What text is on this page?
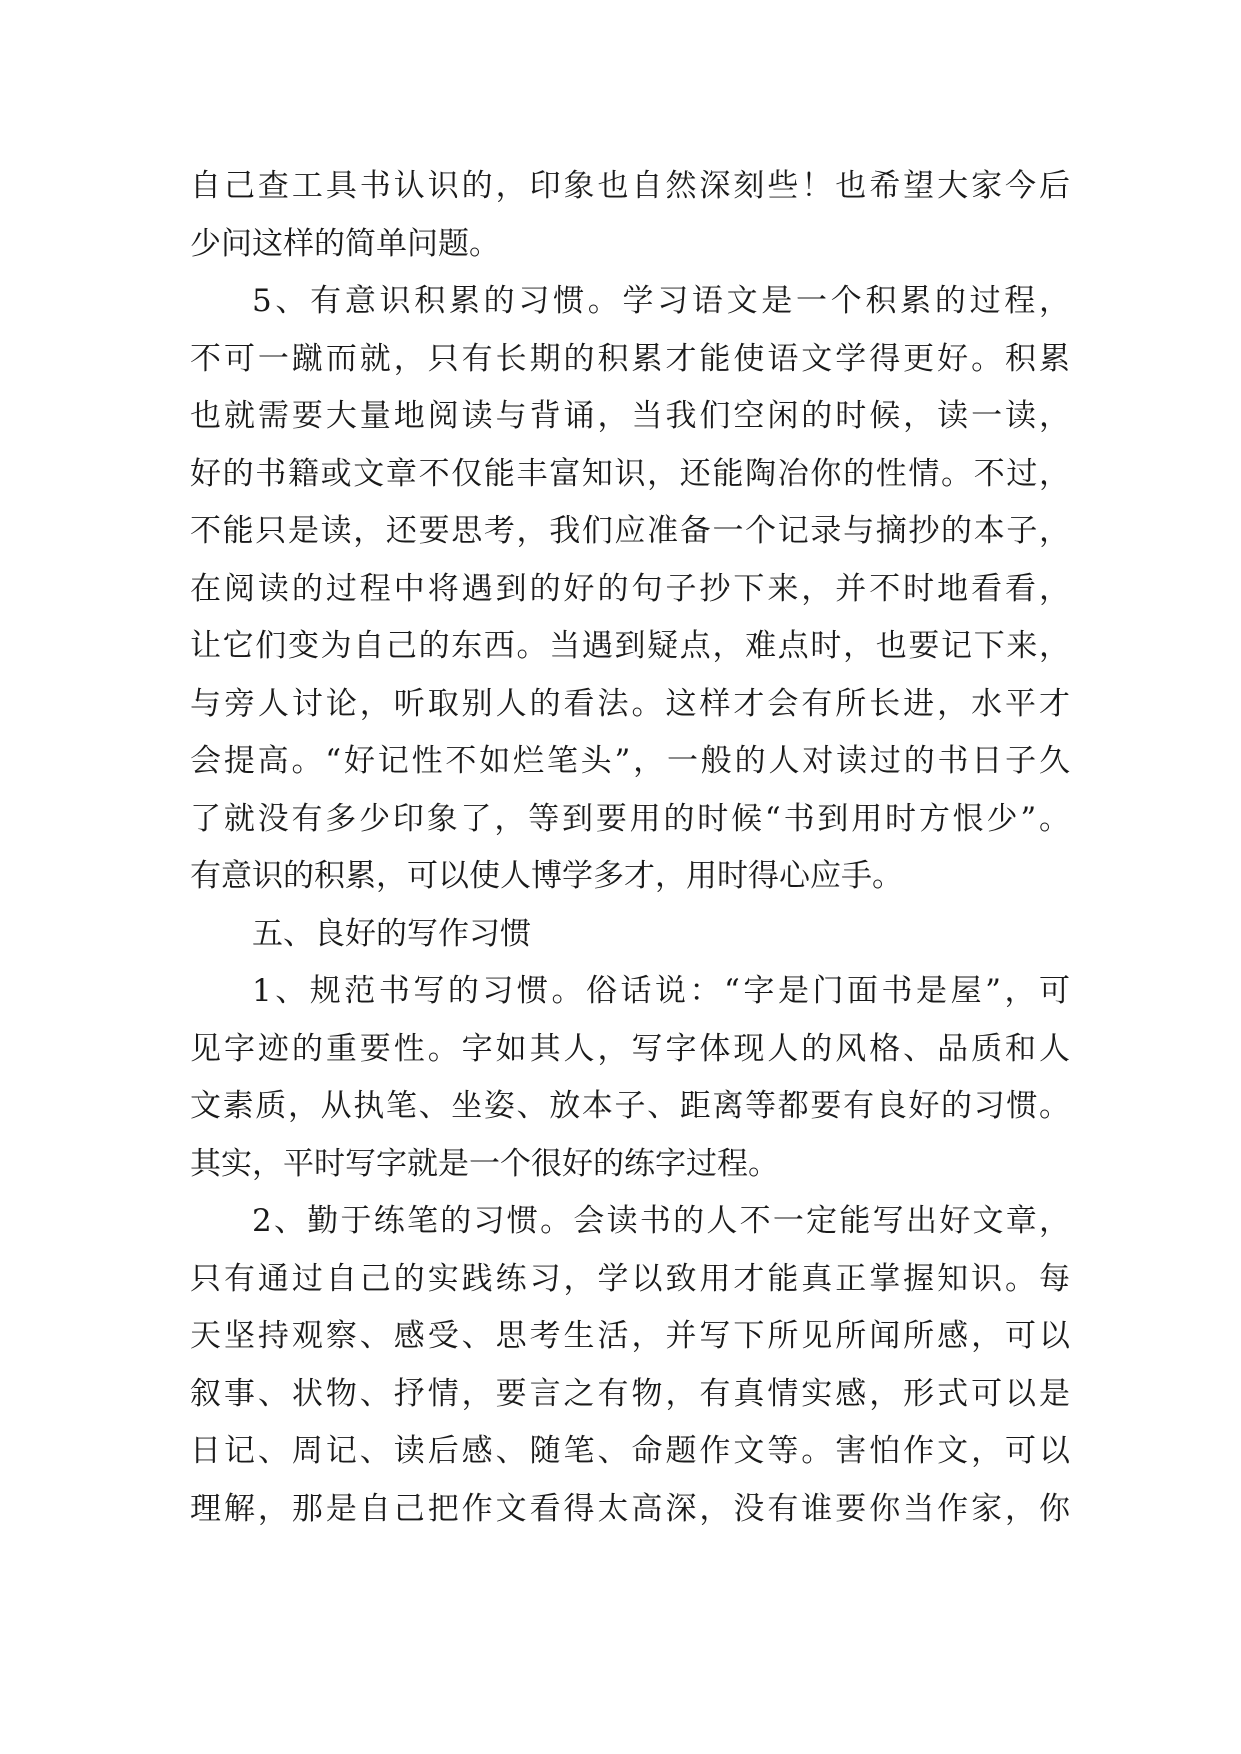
自己查工具书认识的，印象也自然深刻些！也希望大家今后
少问这样的简单问题。
5、有意识积累的习惯。学习语文是一个积累的过程，
不可一蹴而就，只有长期的积累才能使语文学得更好。积累
也就需要大量地阅读与背诵，当我们空闲的时候，读一读，
好的书籍或文章不仅能丰富知识，还能陶冶你的性情。不过，
不能只是读，还要思考，我们应准备一个记录与摘抄的本子，
在阅读的过程中将遇到的好的句子抄下来，并不时地看看，
让它们变为自己的东西。当遇到疑点，难点时，也要记下来，
与旁人讨论，听取别人的看法。这样才会有所长进，水平才
会提高。“好记性不如烂笔头”，一般的人对读过的书日子久
了就没有多少印象了，等到要用的时候“书到用时方恨少”。
有意识的积累，可以使人博学多才，用时得心应手。
五、良好的写作习惯
1、规范书写的习惯。俗话说：“字是门面书是屋”，可
见字迹的重要性。字如其人，写字体现人的风格、品质和人
文素质，从执笔、坐姿、放本子、距离等都要有良好的习惯。
其实，平时写字就是一个很好的练字过程。
2、勤于练笔的习惯。会读书的人不一定能写出好文章，
只有通过自己的实践练习，学以致用才能真正掌握知识。每
天坚持观察、感受、思考生活，并写下所见所闻所感，可以
叙事、状物、抒情，要言之有物，有真情实感，形式可以是
日记、周记、读后感、随笔、命题作文等。害怕作文，可以
理解，那是自己把作文看得太高深，没有谁要你当作家，你
